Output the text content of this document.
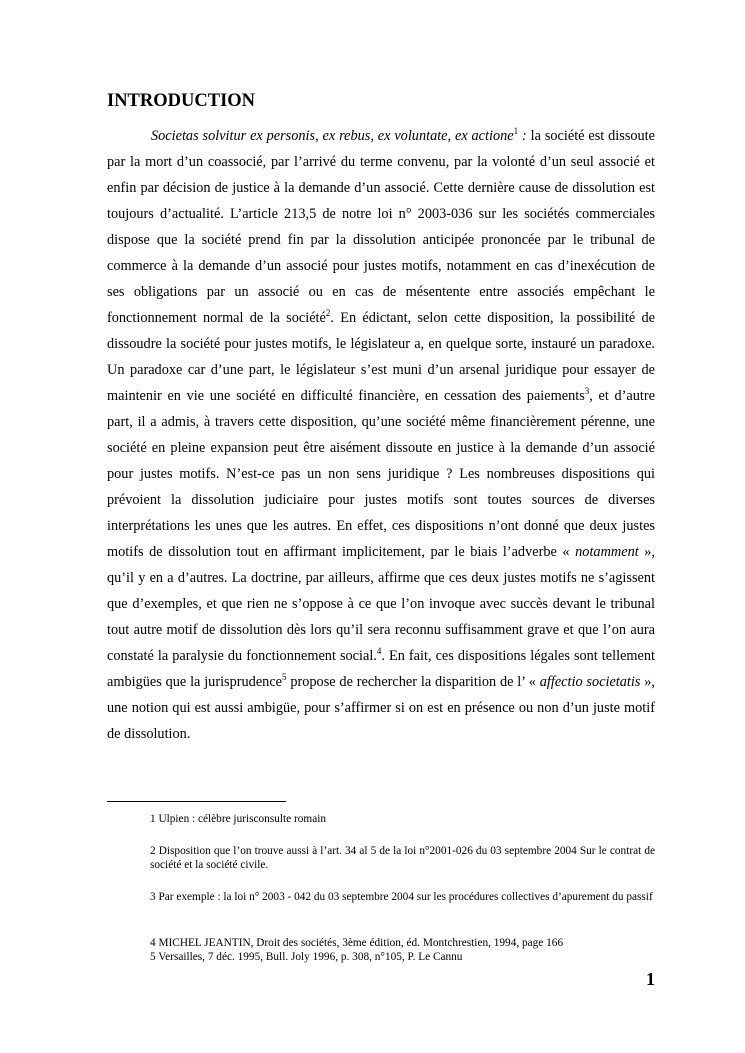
INTRODUCTION

Societas solvitur ex personis, ex rebus, ex voluntate, ex actione$^1$ : la société est dissoute par la mort d’un coassocié, par l’arrivé du terme convenu, par la volonté d’un seul associé et enfin par décision de justice à la demande d’un associé. Cette dernière cause de dissolution est toujours d’actualité. L’article 213,5 de notre loi n° 2003-036 sur les sociétés commerciales dispose que la société prend fin par la dissolution anticipée prononcée par le tribunal de commerce à la demande d’un associé pour justes motifs, notamment en cas d’inexécution de ses obligations par un associé ou en cas de mésentente entre associés empêchant le fonctionnement normal de la société$^2$. En édictant, selon cette disposition, la possibilité de dissoudre la société pour justes motifs, le législateur a, en quelque sorte, instauré un paradoxe. Un paradoxe car d’une part, le législateur s’est muni d’un arsenal juridique pour essayer de maintenir en vie une société en difficulté financière, en cessation des paiements$^3$, et d’autre part, il a admis, à travers cette disposition, qu’une société même financièrement pérenne, une société en pleine expansion peut être aisément dissoute en justice à la demande d’un associé pour justes motifs. N’est-ce pas un non sens juridique ? Les nombreuses dispositions qui prévoient la dissolution judiciaire pour justes motifs sont toutes sources de diverses interprétations les unes que les autres. En effet, ces dispositions n’ont donné que deux justes motifs de dissolution tout en affirmant implicitement, par le biais l’adverbe « notamment », qu’il y en a d’autres. La doctrine, par ailleurs, affirme que ces deux justes motifs ne s’agissent que d’exemples, et que rien ne s’oppose à ce que l’on invoque avec succès devant le tribunal tout autre motif de dissolution dès lors qu’il sera reconnu suffisamment grave et que l’on aura constaté la paralysie du fonctionnement social.$^4$. En fait, ces dispositions légales sont tellement ambigües que la jurisprudence$^5$ propose de rechercher la disparition de l’ « affectio societatis », une notion qui est aussi ambigüe, pour s’affirmer si on est en présence ou non d’un juste motif de dissolution.

1 Ulpien : célèbre jurisconsulte romain

2 Disposition que l’on trouve aussi à l’art. 34 al 5 de la loi n°2001-026 du 03 septembre 2004 Sur le contrat de société et la société civile.

3 Par exemple : la loi n° 2003 - 042 du 03 septembre 2004 sur les procédures collectives d’apurement du passif

4 MICHEL JEANTIN, Droit des sociétés, 3ème édition, éd. Montchrestien, 1994, page 166

5 Versailles, 7 déc. 1995, Bull. Joly 1996, p. 308, n°105, P. Le Cannu

1
